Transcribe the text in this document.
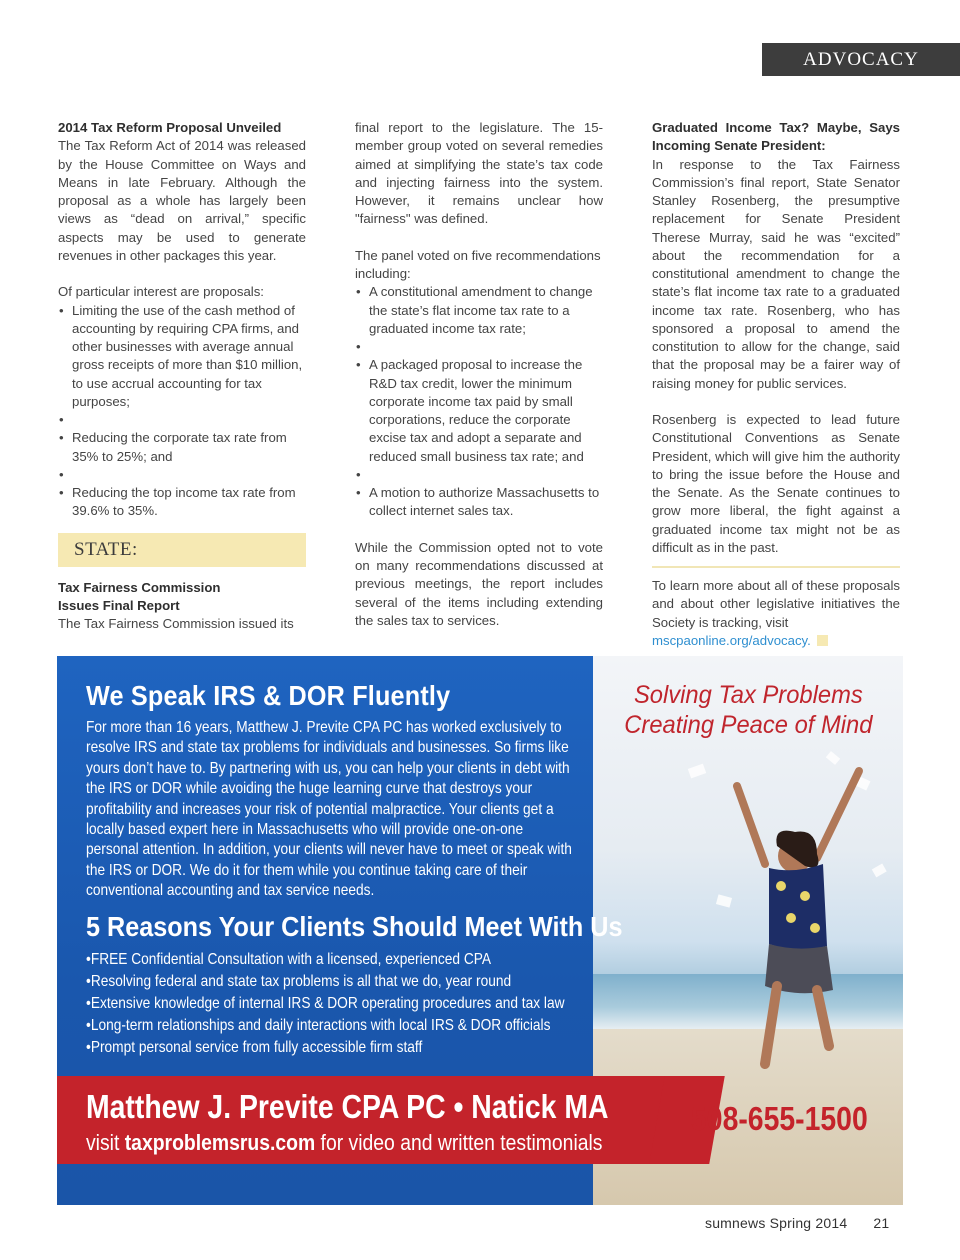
ADVOCACY
2014 Tax Reform Proposal Unveiled

The Tax Reform Act of 2014 was released by the House Committee on Ways and Means in late February. Although the proposal as a whole has largely been views as “dead on arrival,” specific aspects may be used to generate revenues in other packages this year.

Of particular interest are proposals:

• Limiting the use of the cash method of accounting by requiring CPA firms, and other businesses with average annual gross receipts of more than $10 million, to use accrual accounting for tax purposes;
•
• Reducing the corporate tax rate from 35% to 25%; and
•
• Reducing the top income tax rate from 39.6% to 35%.
STATE:
Tax Fairness Commission Issues Final Report

The Tax Fairness Commission issued its

final report to the legislature. The 15-member group voted on several remedies aimed at simplifying the state’s tax code and injecting fairness into the system. However, it remains unclear how "fairness" was defined.

The panel voted on five recommendations including:

• A constitutional amendment to change the state’s flat income tax rate to a graduated income tax rate;
•
• A packaged proposal to increase the R&D tax credit, lower the minimum corporate income tax paid by small corporations, reduce the corporate excise tax and adopt a separate and reduced small business tax rate; and
•
• A motion to authorize Massachusetts to collect internet sales tax.

While the Commission opted not to vote on many recommendations discussed at previous meetings, the report includes several of the items including extending the sales tax to services.

Graduated Income Tax? Maybe, Says Incoming Senate President:

In response to the Tax Fairness Commission’s final report, State Senator Stanley Rosenberg, the presumptive replacement for Senate President Therese Murray, said he was “excited” about the recommendation for a constitutional amendment to change the state’s flat income tax rate to a graduated income tax rate. Rosenberg, who has sponsored a proposal to amend the constitution to allow for the change, said that the proposal may be a fairer way of raising money for public services.

Rosenberg is expected to lead future Constitutional Conventions as Senate President, which will give him the authority to bring the issue before the House and the Senate. As the Senate continues to grow more liberal, the fight against a graduated income tax might not be as difficult as in the past.

To learn more about all of these proposals and about other legislative initiatives the Society is tracking, visit

mscpaonline.org/advocacy.

We Speak IRS & DOR Fluently

For more than 16 years, Matthew J. Previte CPA PC has worked exclusively to resolve IRS and state tax problems for individuals and businesses. So firms like yours don’t have to. By partnering with us, you can help your clients in debt with the IRS or DOR while avoiding the huge learning curve that destroys your profitability and increases your risk of potential malpractice. Your clients get a locally based expert here in Massachusetts who will provide one-on-one personal attention. In addition, your clients will never have to meet or speak with the IRS or DOR. We do it for them while you continue taking care of their conventional accounting and tax service needs.

5 Reasons Your Clients Should Meet With Us
• FREE Confidential Consultation with a licensed, experienced CPA
• Resolving federal and state tax problems is all that we do, year round
• Extensive knowledge of internal IRS & DOR operating procedures and tax law
• Long-term relationships and daily interactions with local IRS & DOR officials
• Prompt personal service from fully accessible firm staff
Solving Tax Problems
Creating Peace of Mind
Matthew J. Previte CPA PC • Natick MA
visit taxproblemsrus.com for video and written testimonials
508-655-1500
sumnews Spring 2014 21
